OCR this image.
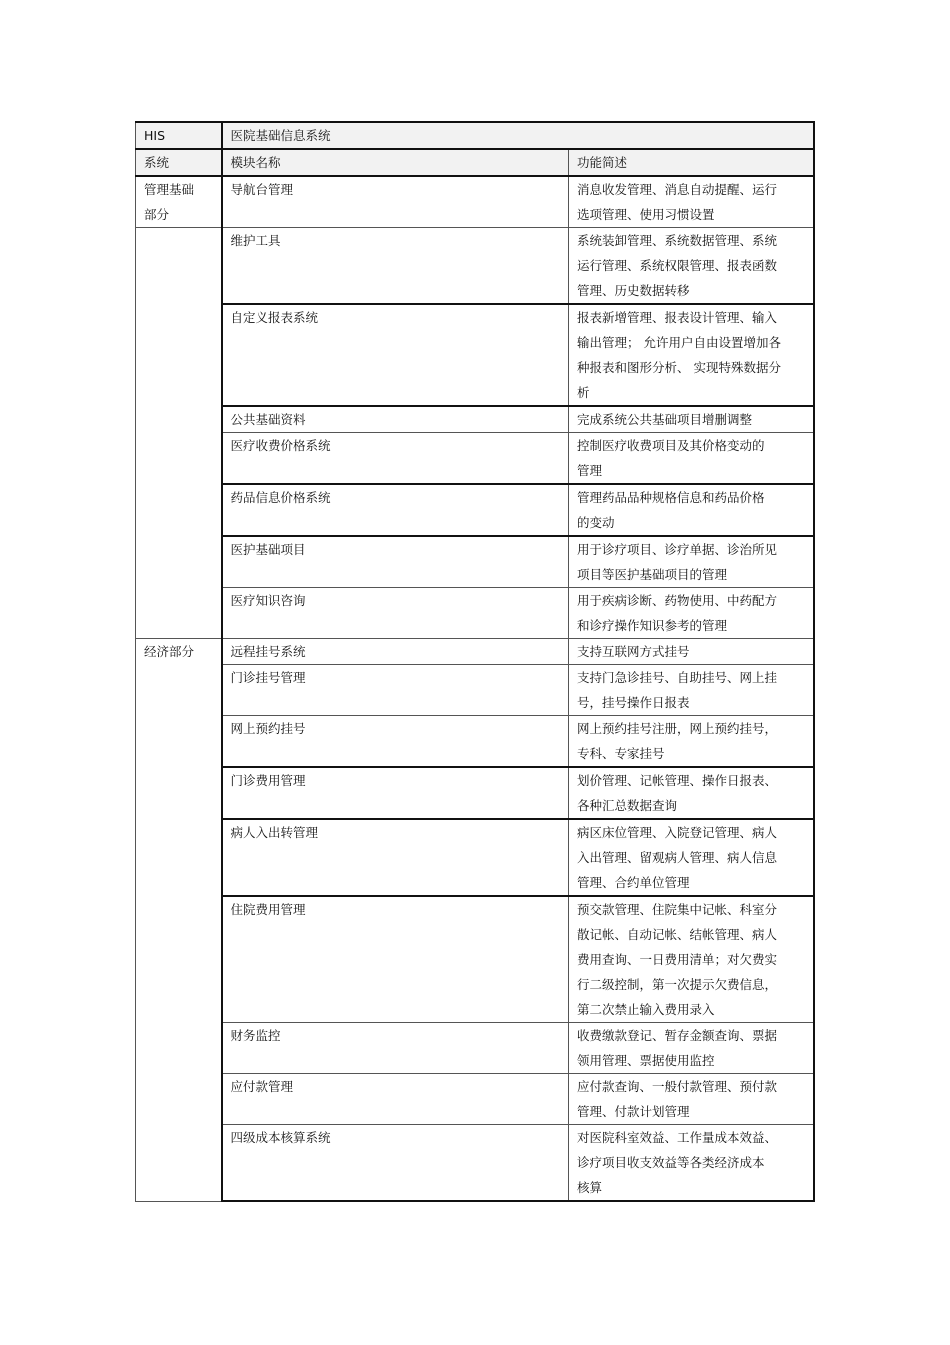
HIS	医院基础信息系统	
系统	模块名称	功能简述

管理基础
部分	导航台管理	消息收发管理、消息自动提醒、运行
选项管理、使用习惯设置

	维护工具	系统装卸管理、系统数据管理、系统
运行管理、系统权限管理、报表函数
管理、历史数据转移

	自定义报表系统	报表新增管理、报表设计管理、输入
输出管理； 允许用户自由设置增加各
种报表和图形分析、 实现特殊数据分
析

	公共基础资料	完成系统公共基础项目增删调整

	医疗收费价格系统	控制医疗收费项目及其价格变动的
管理

	药品信息价格系统	管理药品品种规格信息和药品价格
的变动

	医护基础项目	用于诊疗项目、诊疗单据、诊治所见
项目等医护基础项目的管理

	医疗知识咨询	用于疾病诊断、药物使用、中药配方
和诊疗操作知识参考的管理

经济部分	远程挂号系统	支持互联网方式挂号

	门诊挂号管理	支持门急诊挂号、自助挂号、网上挂
号，挂号操作日报表

	网上预约挂号	网上预约挂号注册，网上预约挂号，
专科、专家挂号

	门诊费用管理	划价管理、记帐管理、操作日报表、
各种汇总数据查询

	病人入出转管理	病区床位管理、入院登记管理、病人
入出管理、留观病人管理、病人信息
管理、合约单位管理

	住院费用管理	预交款管理、住院集中记帐、科室分
散记帐、自动记帐、结帐管理、病人
费用查询、一日费用清单；对欠费实
行二级控制，第一次提示欠费信息，
第二次禁止输入费用录入

	财务监控	收费缴款登记、暂存金额查询、票据
领用管理、票据使用监控

	应付款管理	应付款查询、一般付款管理、预付款
管理、付款计划管理

	四级成本核算系统	对医院科室效益、工作量成本效益、
诊疗项目收支效益等各类经济成本
核算
